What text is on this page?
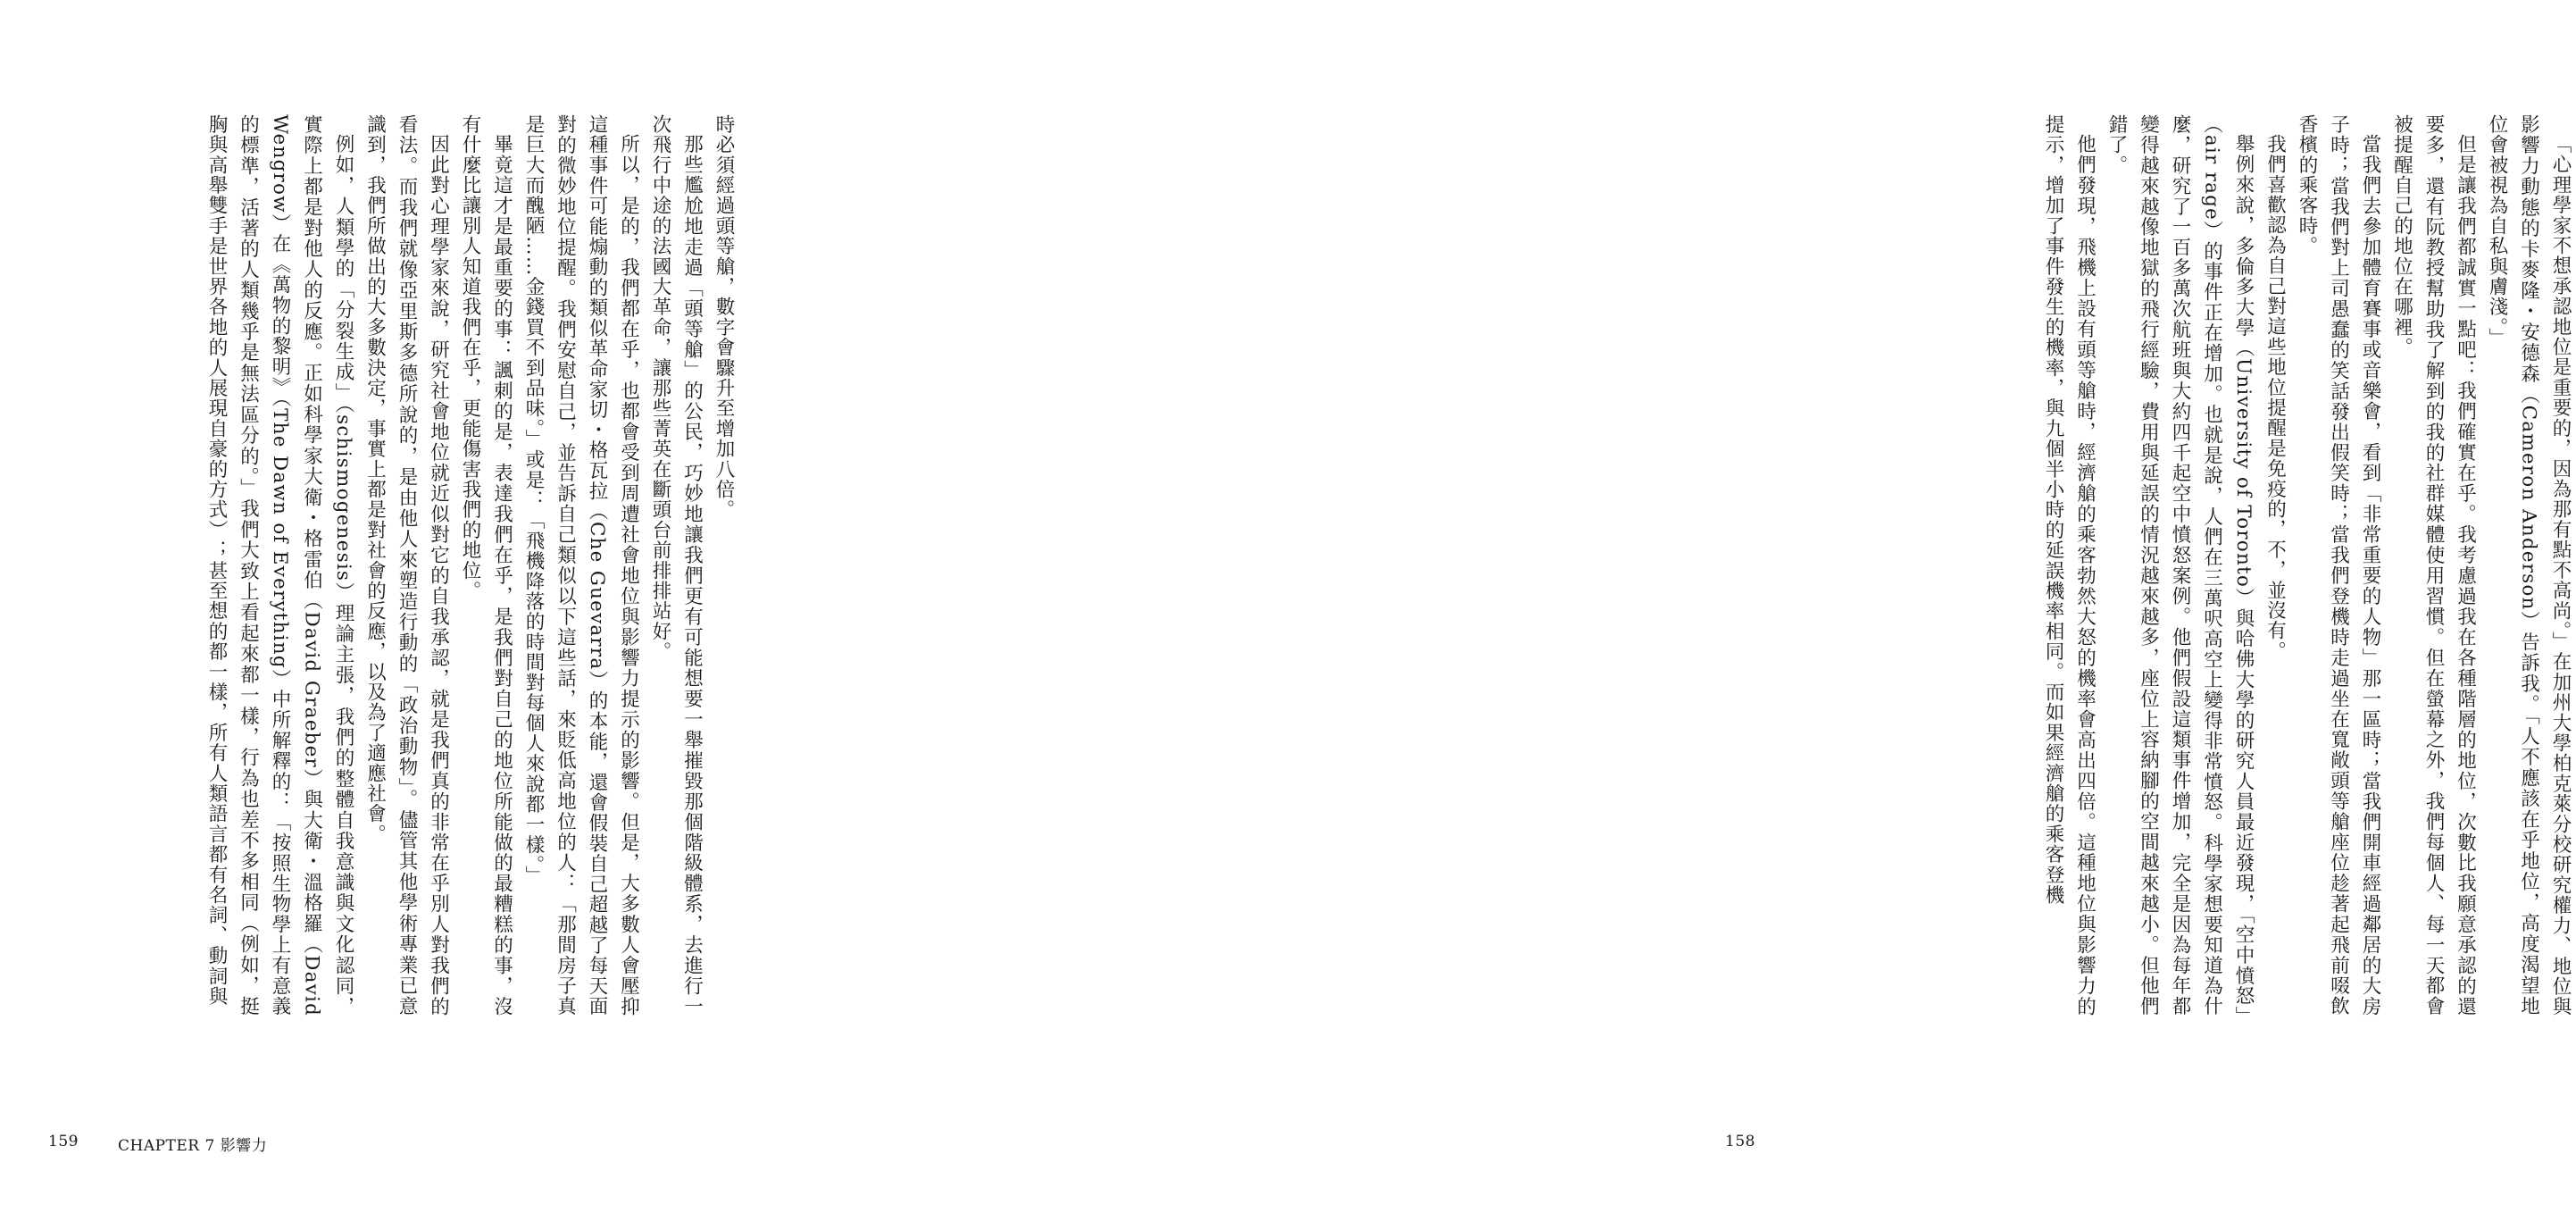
「心理學家不想承認地位是重要的，因為那有點不高尚。」在加州大學柏克萊分校研究權力、地位與影響力動態的卡麥隆・安德森（Cameron Anderson）告訴我。「人不應該在乎地位，高度渴望地位會被視為自私與膚淺。」

但是讓我們都誠實一點吧：我們確實在乎。我考慮過我在各種階層的地位，次數比我願意承認的還要多，還有阮教授幫助我了解到的我的社群媒體使用習慣。但在螢幕之外，我們每個人、每一天都會被提醒自己的地位在哪裡。

當我們去參加體育賽事或音樂會，看到「非常重要的人物」那一區時；當我們開車經過鄰居的大房子時；當我們對上司愚蠢的笑話發出假笑時；當我們登機時走過坐在寬敞頭等艙座位趁著起飛前啜飲香檳的乘客時。

我們喜歡認為自己對這些地位提醒是免疫的，不，並沒有。

舉例來說，多倫多大學（University of Toronto）與哈佛大學的研究人員最近發現，「空中憤怒」（air rage）的事件正在增加。也就是說，人們在三萬呎高空上變得非常憤怒。科學家想要知道為什麼，研究了一百多萬次航班與大約四千起空中憤怒案例。他們假設這類事件增加，完全是因為每年都變得越來越像地獄的飛行經驗，費用與延誤的情況越來越多，座位上容納腳的空間越來越小。但他們錯了。

他們發現，飛機上設有頭等艙時，經濟艙的乘客勃然大怒的機率會高出四倍。這種地位與影響力的提示，增加了事件發生的機率，與九個半小時的延誤機率相同。而如果經濟艙的乘客登機

158

時必須經過頭等艙，數字會驟升至增加八倍。

那些尷尬地走過「頭等艙」的公民，巧妙地讓我們更有可能想要一舉摧毀那個階級體系，去進行一次飛行中途的法國大革命，讓那些菁英在斷頭台前排排站好。

所以，是的，我們都在乎，也都會受到周遭社會地位與影響力提示的影響。但是，大多數人會壓抑這種事件可能煽動的類似革命家切・格瓦拉（Che Guevarra）的本能，還會假裝自己超越了每天面對的微妙地位提醒。我們安慰自己，並告訴自己類似以下這些話，來貶低高地位的人：「那間房子真是巨大而醜陋……金錢買不到品味。」或是：「飛機降落的時間對每個人來說都一樣。」

畢竟這才是最重要的事：諷刺的是，表達我們在乎，是我們對自己的地位所能做的最糟糕的事，沒有什麼比讓別人知道我們在乎，更能傷害我們的地位。

因此對心理學家來說，研究社會地位就近似對它的自我承認，就是我們真的非常在乎別人對我們的看法。而我們就像亞里斯多德所說的，是由他人來塑造行動的「政治動物」。儘管其他學術專業已意識到，我們所做出的大多數決定，事實上都是對社會的反應，以及為了適應社會。

例如，人類學的「分裂生成」（schismogenesis）理論主張，我們的整體自我意識與文化認同，實際上都是對他人的反應。正如科學家大衛・格雷伯（David Graeber）與大衛・溫格羅（David Wengrow）在《萬物的黎明》（The Dawn of Everything）中所解釋的：「按照生物學上有意義的標準，活著的人類幾乎是無法區分的。」我們大致上看起來都一樣，行為也差不多相同（例如，挺胸與高舉雙手是世界各地的人展現自豪的方式）；甚至想的都一樣，所有人類語言都有名詞、動詞與

159	CHAPTER 7 影響力
